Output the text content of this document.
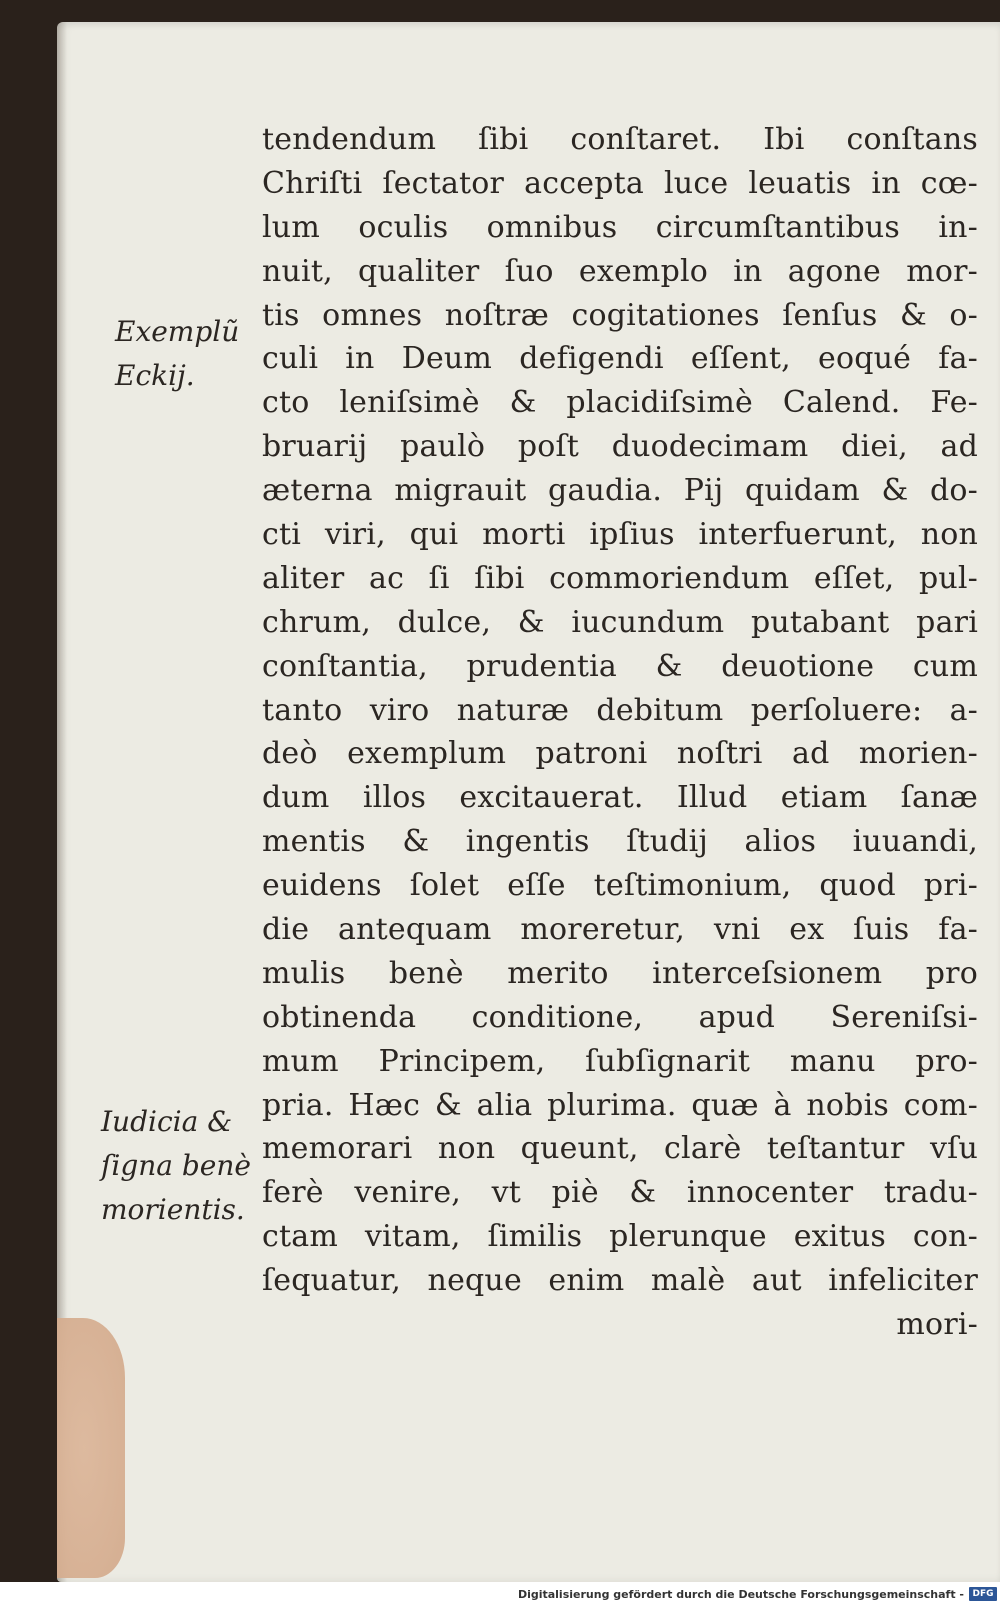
Exemplũ
Eckij.
Iudicia &
ſigna benè
morientis.
tendendum ſibi conſtaret. Ibi conſtans
Chriſti ſectator accepta luce leuatis in cœ-
lum oculis omnibus circumſtantibus in-
nuit, qualiter ſuo exemplo in agone mor-
tis omnes noſtræ cogitationes ſenſus & o-
culi in Deum defigendi eſſent, eoqué fa-
cto leniſsimè & placidiſsimè Calend. Fe-
bruarij paulò poſt duodecimam diei, ad
æterna migrauit gaudia. Pij quidam & do-
cti viri, qui morti ipſius interfuerunt, non
aliter ac ſi ſibi commoriendum eſſet, pul-
chrum, dulce, & iucundum putabant pari
conſtantia, prudentia & deuotione cum
tanto viro naturæ debitum perſoluere: a-
deò exemplum patroni noſtri ad morien-
dum illos excitauerat. Illud etiam ſanæ
mentis & ingentis ſtudij alios iuuandi,
euidens ſolet eſſe teſtimonium, quod pri-
die antequam moreretur, vni ex ſuis fa-
mulis benè merito interceſsionem pro
obtinenda conditione, apud Sereniſsi-
mum Principem, ſubſignarit manu pro-
pria. Hæc & alia plurima. quæ à nobis com-
memorari non queunt, clarè teſtantur vſu
ferè venire, vt piè & innocenter tradu-
ctam vitam, ſimilis plerunque exitus con-
ſequatur, neque enim malè aut infeliciter
mori-
Digitalisierung gefördert durch die Deutsche Forschungsgemeinschaft - DFG
